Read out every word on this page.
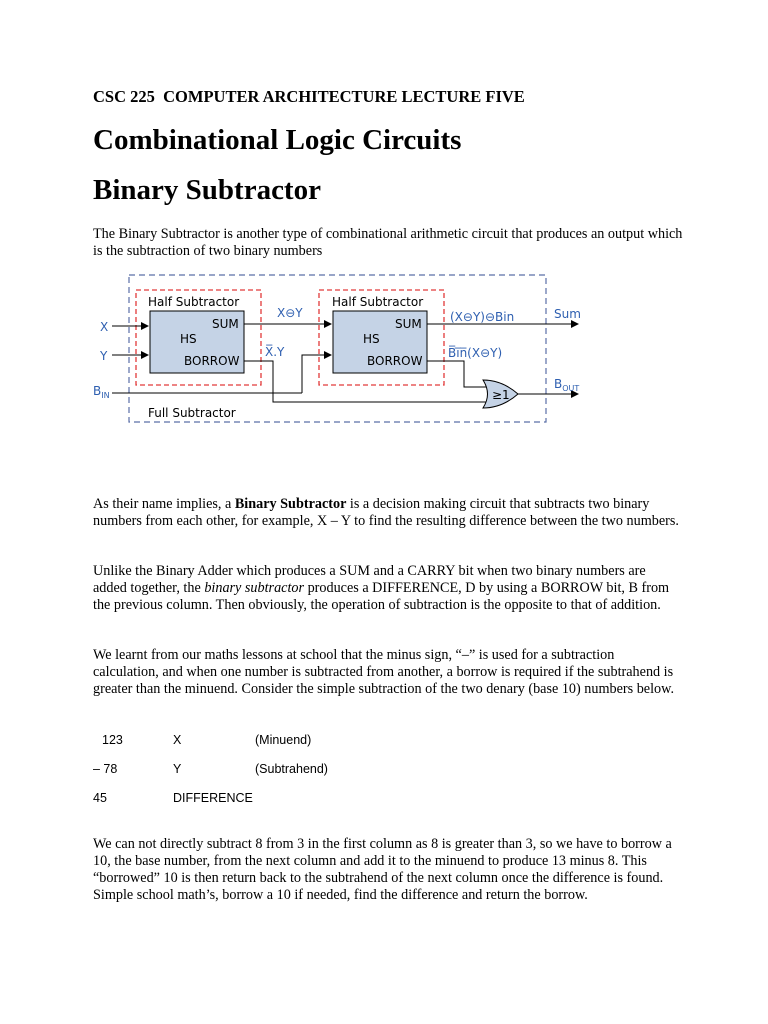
CSC 225  COMPUTER ARCHITECTURE LECTURE FIVE
Combinational Logic Circuits
Binary Subtractor
The Binary Subtractor is another type of combinational arithmetic circuit that produces an output which is the subtraction of two binary numbers
Half Subtractor	Half Subtractor
SUM
HS
BORROW
SUM
HS
BORROW
X
Y
$B_{IN}$
X⊖Y
X̅.Y
(X⊖Y)⊖Bin	Sum
B̅i̅n̅(X⊖Y)
≥1
$B_{OUT}$
Full Subtractor
As their name implies, a Binary Subtractor is a decision making circuit that subtracts two binary numbers from each other, for example, X – Y to find the resulting difference between the two numbers.
Unlike the Binary Adder which produces a SUM and a CARRY bit when two binary numbers are added together, the binary subtractor produces a DIFFERENCE, D by using a BORROW bit, B from the previous column. Then obviously, the operation of subtraction is the opposite to that of addition.
We learnt from our maths lessons at school that the minus sign, “–” is used for a subtraction calculation, and when one number is subtracted from another, a borrow is required if the subtrahend is greater than the minuend. Consider the simple subtraction of the two denary (base 10) numbers below.
123	X	(Minuend)
– 78	Y	(Subtrahend)
45	DIFFERENCE
We can not directly subtract 8 from 3 in the first column as 8 is greater than 3, so we have to borrow a 10, the base number, from the next column and add it to the minuend to produce 13 minus 8. This “borrowed” 10 is then return back to the subtrahend of the next column once the difference is found. Simple school math’s, borrow a 10 if needed, find the difference and return the borrow.
